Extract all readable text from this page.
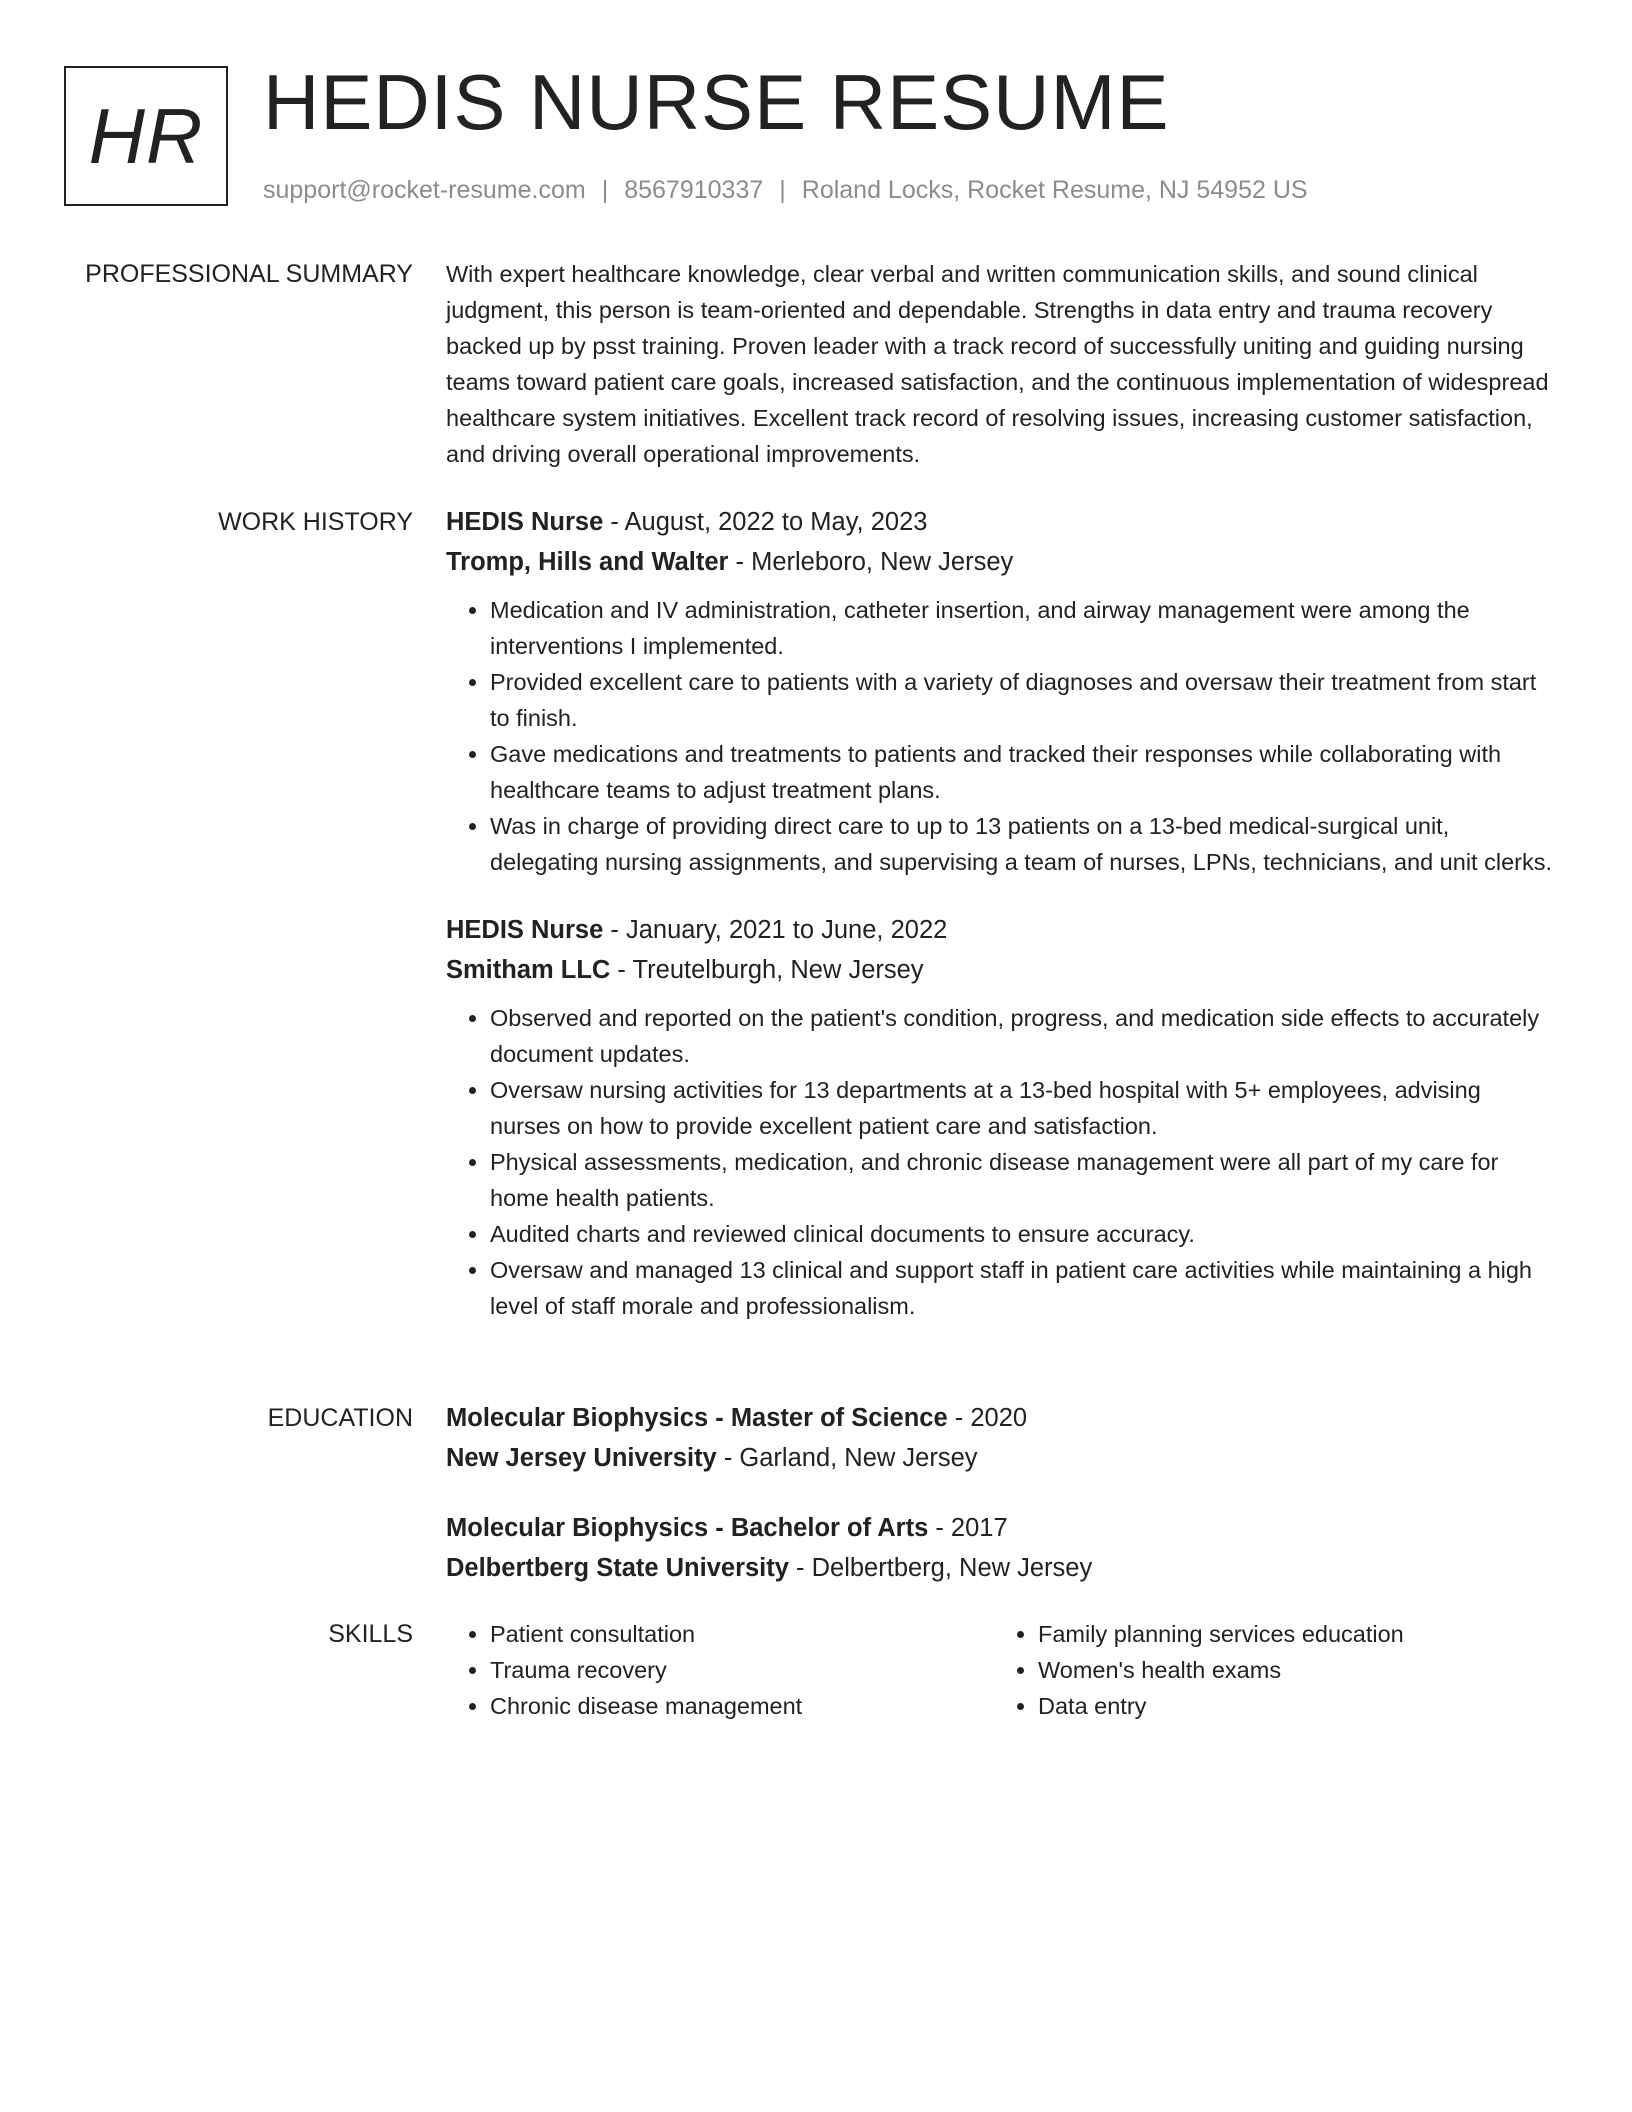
HR HEDIS NURSE RESUME
support@rocket-resume.com | 8567910337 | Roland Locks, Rocket Resume, NJ 54952 US
PROFESSIONAL SUMMARY With expert healthcare knowledge, clear verbal and written communication skills, and sound clinical judgment, this person is team-oriented and dependable. Strengths in data entry and trauma recovery backed up by psst training. Proven leader with a track record of successfully uniting and guiding nursing teams toward patient care goals, increased satisfaction, and the continuous implementation of widespread healthcare system initiatives. Excellent track record of resolving issues, increasing customer satisfaction, and driving overall operational improvements.

WORK HISTORY HEDIS Nurse - August, 2022 to May, 2023
Tromp, Hills and Walter - Merleboro, New Jersey
• Medication and IV administration, catheter insertion, and airway management were among the interventions I implemented.
• Provided excellent care to patients with a variety of diagnoses and oversaw their treatment from start to finish.
• Gave medications and treatments to patients and tracked their responses while collaborating with healthcare teams to adjust treatment plans.
• Was in charge of providing direct care to up to 13 patients on a 13-bed medical-surgical unit, delegating nursing assignments, and supervising a team of nurses, LPNs, technicians, and unit clerks.
HEDIS Nurse - January, 2021 to June, 2022
Smitham LLC - Treutelburgh, New Jersey
• Observed and reported on the patient's condition, progress, and medication side effects to accurately document updates.
• Oversaw nursing activities for 13 departments at a 13-bed hospital with 5+ employees, advising nurses on how to provide excellent patient care and satisfaction.
• Physical assessments, medication, and chronic disease management were all part of my care for home health patients.
• Audited charts and reviewed clinical documents to ensure accuracy.
• Oversaw and managed 13 clinical and support staff in patient care activities while maintaining a high level of staff morale and professionalism.
EDUCATION Molecular Biophysics - Master of Science - 2020
New Jersey University - Garland, New Jersey
Molecular Biophysics - Bachelor of Arts - 2017
Delbertberg State University - Delbertberg, New Jersey
SKILLS
•	Patient consultation
• Trauma recovery
• Chronic disease management
• Family planning services education
• Women's health exams
• Data entry
